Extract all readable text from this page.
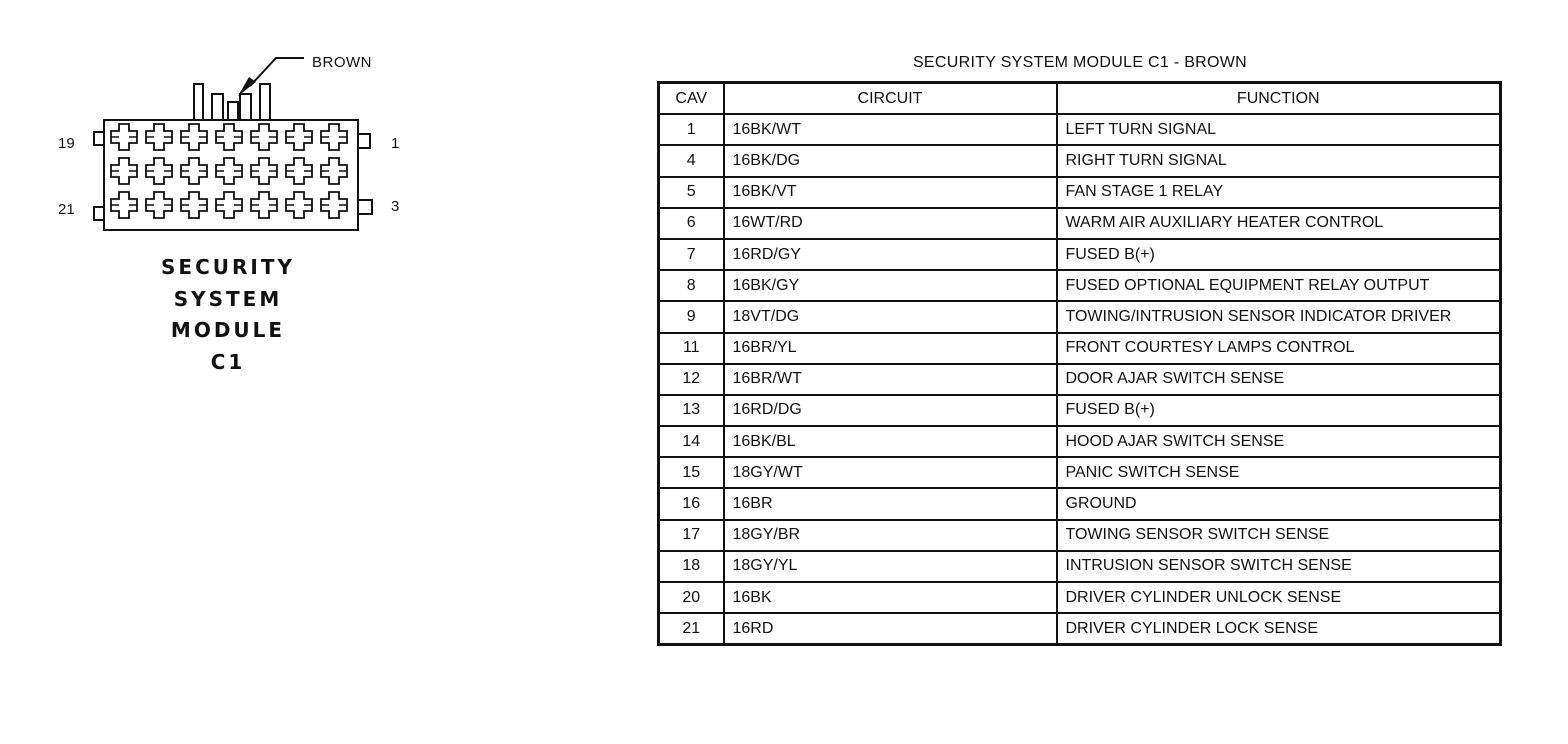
BROWN
19	1
21	3
SECURITY
SYSTEM
MODULE
C1
SECURITY SYSTEM MODULE C1 - BROWN
CAV	CIRCUIT	FUNCTION
1	16BK/WT	LEFT TURN SIGNAL
4	16BK/DG	RIGHT TURN SIGNAL
5	16BK/VT	FAN STAGE 1 RELAY
6	16WT/RD	WARM AIR AUXILIARY HEATER CONTROL
7	16RD/GY	FUSED B(+)
8	16BK/GY	FUSED OPTIONAL EQUIPMENT RELAY OUTPUT
9	18VT/DG	TOWING/INTRUSION SENSOR INDICATOR DRIVER
11	16BR/YL	FRONT COURTESY LAMPS CONTROL
12	16BR/WT	DOOR AJAR SWITCH SENSE
13	16RD/DG	FUSED B(+)
14	16BK/BL	HOOD AJAR SWITCH SENSE
15	18GY/WT	PANIC SWITCH SENSE
16	16BR	GROUND
17	18GY/BR	TOWING SENSOR SWITCH SENSE
18	18GY/YL	INTRUSION SENSOR SWITCH SENSE
20	16BK	DRIVER CYLINDER UNLOCK SENSE
21	16RD	DRIVER CYLINDER LOCK SENSE
